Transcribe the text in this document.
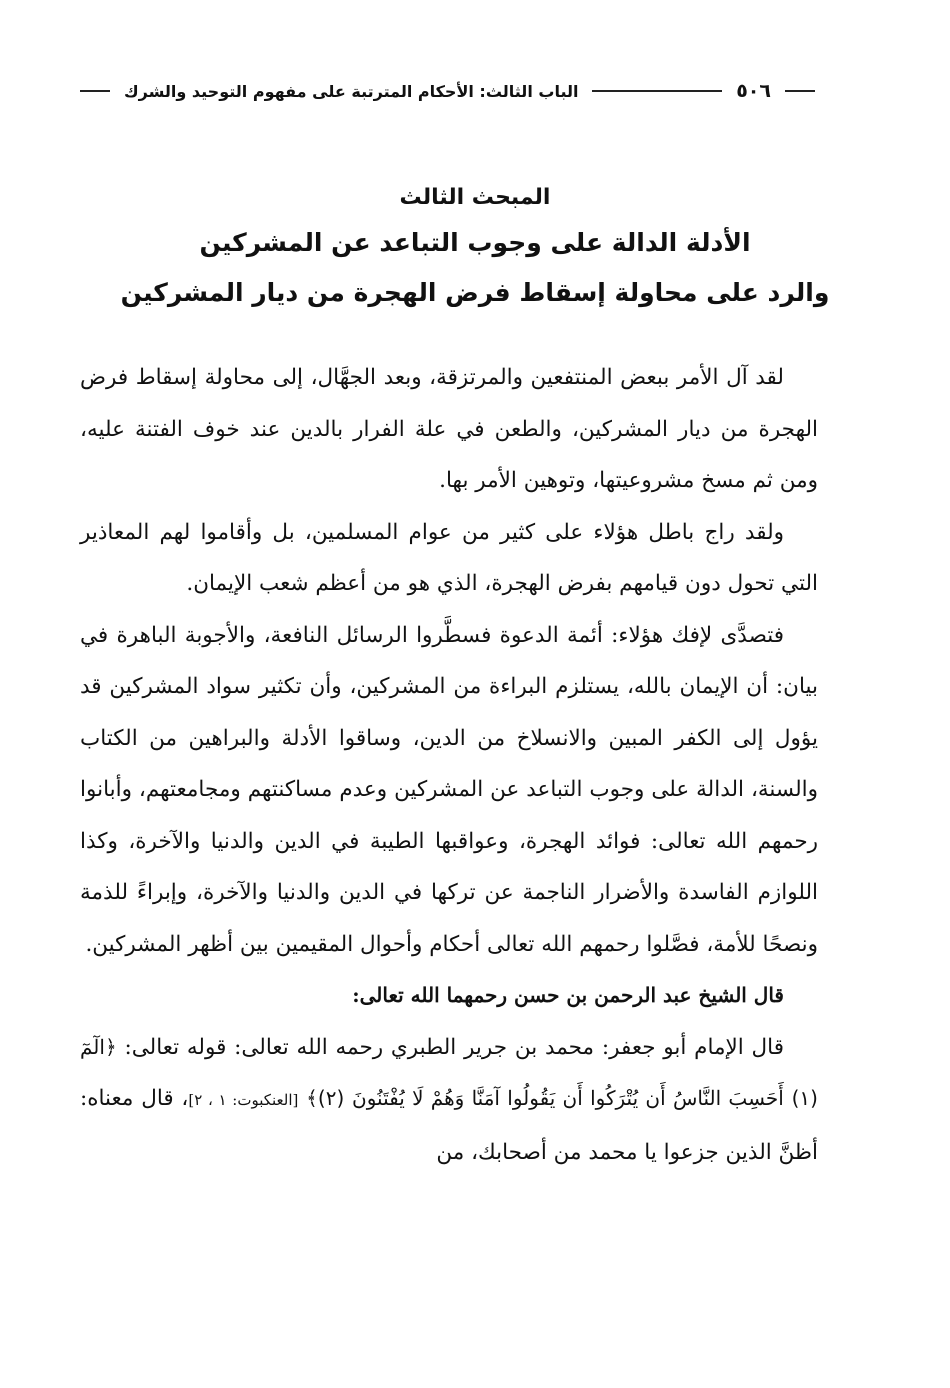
٥٠٦
الباب الثالث: الأحكام المترتبة على مفهوم التوحيد والشرك
المبحث الثالث
الأدلة الدالة على وجوب التباعد عن المشركين
والرد على محاولة إسقاط فرض الهجرة من ديار المشركين

لقد آل الأمر ببعض المنتفعين والمرتزقة، وبعد الجهَّال، إلى محاولة إسقاط فرض الهجرة من ديار المشركين، والطعن في علة الفرار بالدين عند خوف الفتنة عليه، ومن ثم مسخ مشروعيتها، وتوهين الأمر بها.

ولقد راج باطل هؤلاء على كثير من عوام المسلمين، بل وأقاموا لهم المعاذير التي تحول دون قيامهم بفرض الهجرة، الذي هو من أعظم شعب الإيمان.

فتصدَّى لإفك هؤلاء: أئمة الدعوة فسطَّروا الرسائل النافعة، والأجوبة الباهرة في بيان: أن الإيمان بالله، يستلزم البراءة من المشركين، وأن تكثير سواد المشركين قد يؤول إلى الكفر المبين والانسلاخ من الدين، وساقوا الأدلة والبراهين من الكتاب والسنة، الدالة على وجوب التباعد عن المشركين وعدم مساكنتهم ومجامعتهم، وأبانوا رحمهم الله تعالى: فوائد الهجرة، وعواقبها الطيبة في الدين والدنيا والآخرة، وكذا اللوازم الفاسدة والأضرار الناجمة عن تركها في الدين والدنيا والآخرة، وإبراءً للذمة ونصحًا للأمة، فصَّلوا رحمهم الله تعالى أحكام وأحوال المقيمين بين أظهر المشركين.

قال الشيخ عبد الرحمن بن حسن رحمهما الله تعالى:

قال الإمام أبو جعفر: محمد بن جرير الطبري رحمه الله تعالى: قوله تعالى: ﴿الٓمٓ (١) أَحَسِبَ النَّاسُ أَن يُتْرَكُوا أَن يَقُولُوا آمَنَّا وَهُمْ لَا يُفْتَنُونَ (٢)﴾ [العنكبوت: ١ ، ٢]، قال معناه: أظنَّ الذين جزعوا يا محمد من أصحابك، من
